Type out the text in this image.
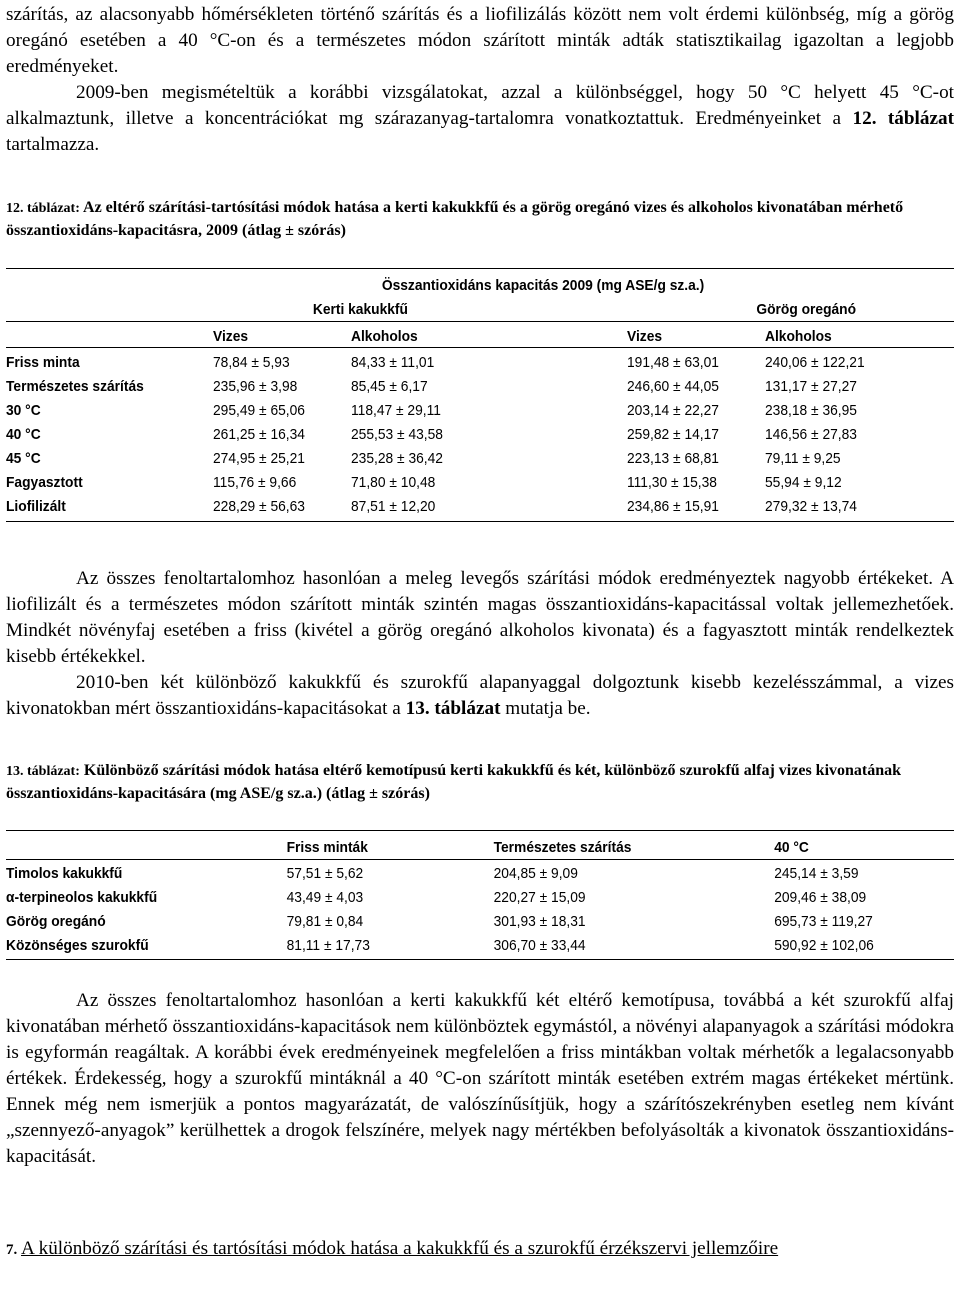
szárítás, az alacsonyabb hőmérsékleten történő szárítás és a liofilizálás között nem volt érdemi különbség, míg a görög oregánó esetében a 40 °C-on és a természetes módon szárított minták adták statisztikailag igazoltan a legjobb eredményeket.

2009-ben megismételtük a korábbi vizsgálatokat, azzal a különbséggel, hogy 50 °C helyett 45 °C-ot alkalmaztunk, illetve a koncentrációkat mg szárazanyag-tartalomra vonatkoztattuk. Eredményeinket a 12. táblázat tartalmazza.

12. táblázat: Az eltérő szárítási-tartósítási módok hatása a kerti kakukkfű és a görög oregánó vizes és alkoholos kivonatában mérhető összantioxidáns-kapacitásra, 2009 (átlag ± szórás)

	Összantioxidáns kapacitás 2009 (mg ASE/g sz.a.)	
	Kerti kakukkfű	Görög oregánó
	Vizes	Alkoholos	Vizes	Alkoholos
Friss minta	78,84 ± 5,93	84,33 ± 11,01	191,48 ± 63,01	240,06 ± 122,21
Természetes szárítás	235,96 ± 3,98	85,45 ± 6,17	246,60 ± 44,05	131,17 ± 27,27
30 °C	295,49 ± 65,06	118,47 ± 29,11	203,14 ± 22,27	238,18 ± 36,95
40 °C	261,25 ± 16,34	255,53 ± 43,58	259,82 ± 14,17	146,56 ± 27,83
45 °C	274,95 ± 25,21	235,28 ± 36,42	223,13 ± 68,81	79,11 ± 9,25
Fagyasztott	115,76 ± 9,66	71,80 ± 10,48	111,30 ± 15,38	55,94 ± 9,12
Liofilizált	228,29 ± 56,63	87,51 ± 12,20	234,86 ± 15,91	279,32 ± 13,74

Az összes fenoltartalomhoz hasonlóan a meleg levegős szárítási módok eredményeztek nagyobb értékeket. A liofilizált és a természetes módon szárított minták szintén magas összantioxidáns-kapacitással voltak jellemezhetőek. Mindkét növényfaj esetében a friss (kivétel a görög oregánó alkoholos kivonata) és a fagyasztott minták rendelkeztek kisebb értékekkel.

2010-ben két különböző kakukkfű és szurokfű alapanyaggal dolgoztunk kisebb kezelésszámmal, a vizes kivonatokban mért összantioxidáns-kapacitásokat a 13. táblázat mutatja be.

13. táblázat: Különböző szárítási módok hatása eltérő kemotípusú kerti kakukkfű és két, különböző szurokfű alfaj vizes kivonatának összantioxidáns-kapacitására (mg ASE/g sz.a.) (átlag ± szórás)

	Friss minták	Természetes szárítás	40 °C
Timolos kakukkfű	57,51 ± 5,62	204,85 ± 9,09	245,14 ± 3,59
α-terpineolos kakukkfű	43,49 ± 4,03	220,27 ± 15,09	209,46 ± 38,09
Görög oregánó	79,81 ± 0,84	301,93 ± 18,31	695,73 ± 119,27
Közönséges szurokfű	81,11 ± 17,73	306,70 ± 33,44	590,92 ± 102,06

Az összes fenoltartalomhoz hasonlóan a kerti kakukkfű két eltérő kemotípusa, továbbá a két szurokfű alfaj kivonatában mérhető összantioxidáns-kapacitások nem különböztek egymástól, a növényi alapanyagok a szárítási módokra is egyformán reagáltak. A korábbi évek eredményeinek megfelelően a friss mintákban voltak mérhetők a legalacsonyabb értékek. Érdekesség, hogy a szurokfű mintáknál a 40 °C-on szárított minták esetében extrém magas értékeket mértünk. Ennek még nem ismerjük a pontos magyarázatát, de valószínűsítjük, hogy a szárítószekrényben esetleg nem kívánt „szennyező-anyagok” kerülhettek a drogok felszínére, melyek nagy mértékben befolyásolták a kivonatok összantioxidáns-kapacitását.

7. A különböző szárítási és tartósítási módok hatása a kakukkfű és a szurokfű érzékszervi jellemzőire
